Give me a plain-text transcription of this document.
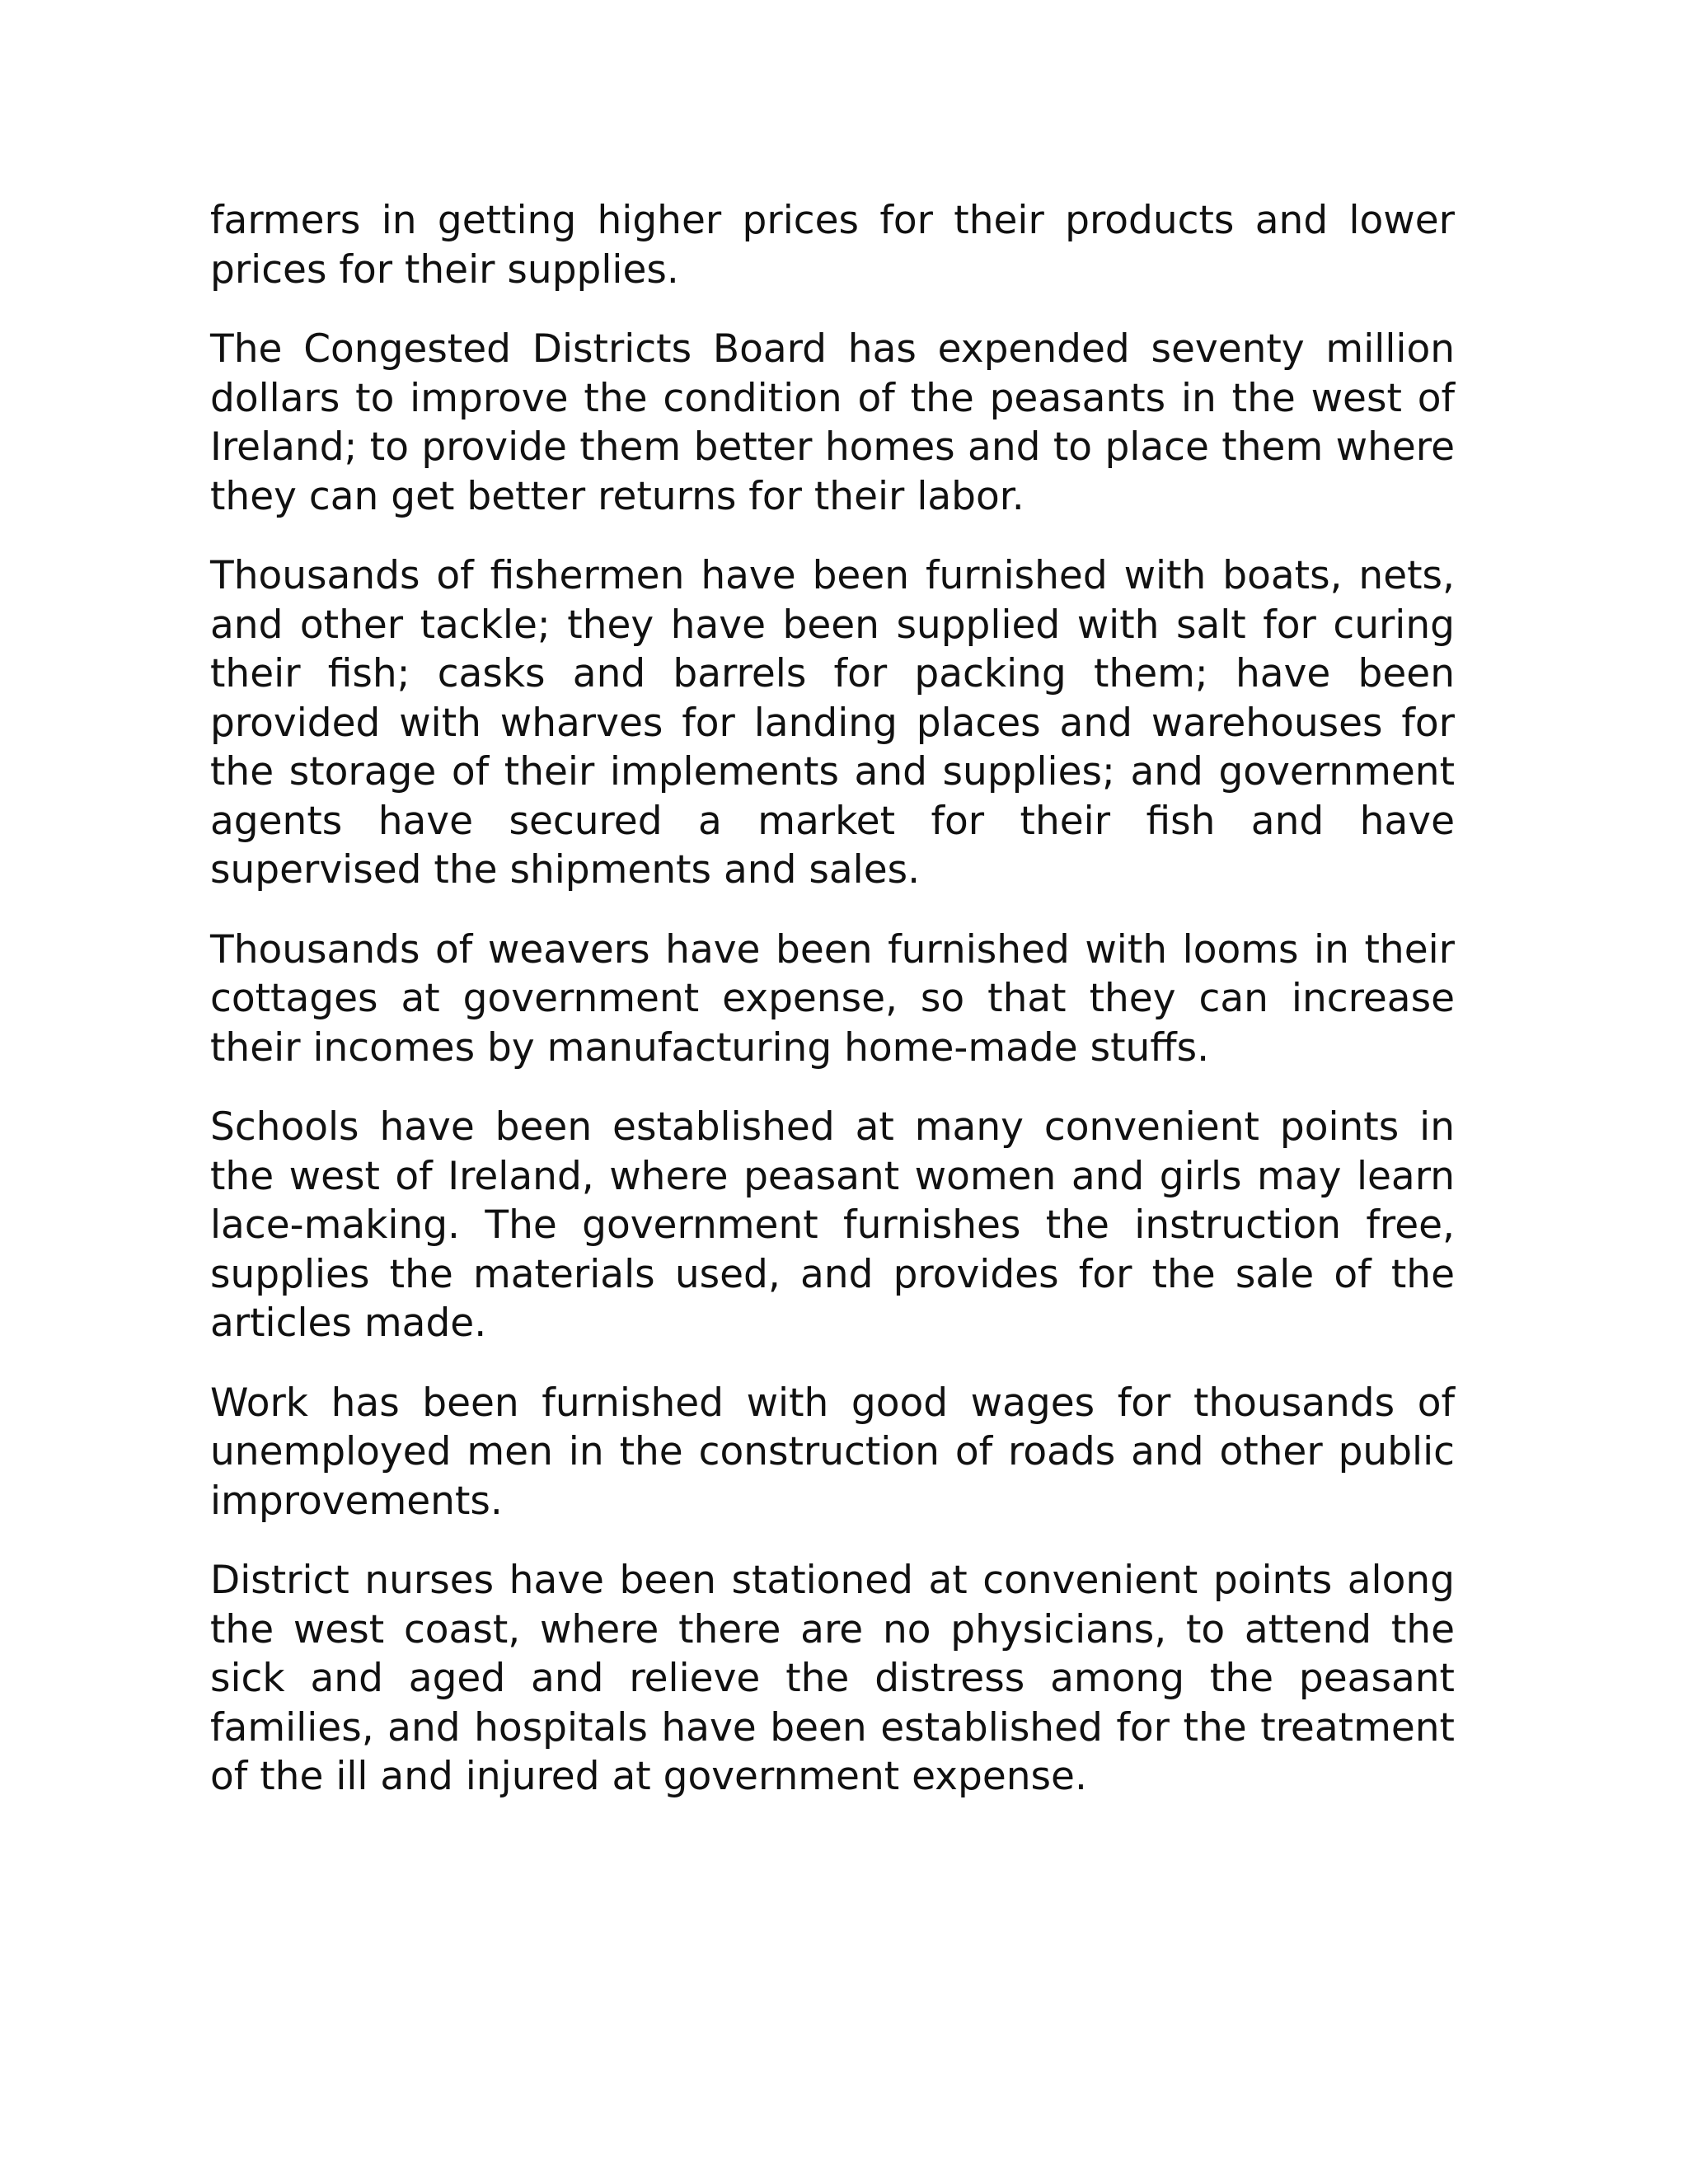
farmers in getting higher prices for their products and lower prices for their supplies.

The Congested Districts Board has expended seventy million dollars to improve the condition of the peasants in the west of Ireland; to provide them better homes and to place them where they can get better returns for their labor.

Thousands of fishermen have been furnished with boats, nets, and other tackle; they have been supplied with salt for curing their fish; casks and barrels for packing them; have been provided with wharves for landing places and warehouses for the storage of their implements and supplies; and government agents have secured a market for their fish and have supervised the shipments and sales.

Thousands of weavers have been furnished with looms in their cottages at government expense, so that they can increase their incomes by manufacturing home-made stuffs.

Schools have been established at many convenient points in the west of Ireland, where peasant women and girls may learn lace-making. The government furnishes the instruction free, supplies the materials used, and provides for the sale of the articles made.

Work has been furnished with good wages for thousands of unemployed men in the construction of roads and other public improvements.

District nurses have been stationed at convenient points along the west coast, where there are no physicians, to attend the sick and aged and relieve the distress among the peasant families, and hospitals have been established for the treatment of the ill and injured at government expense.
